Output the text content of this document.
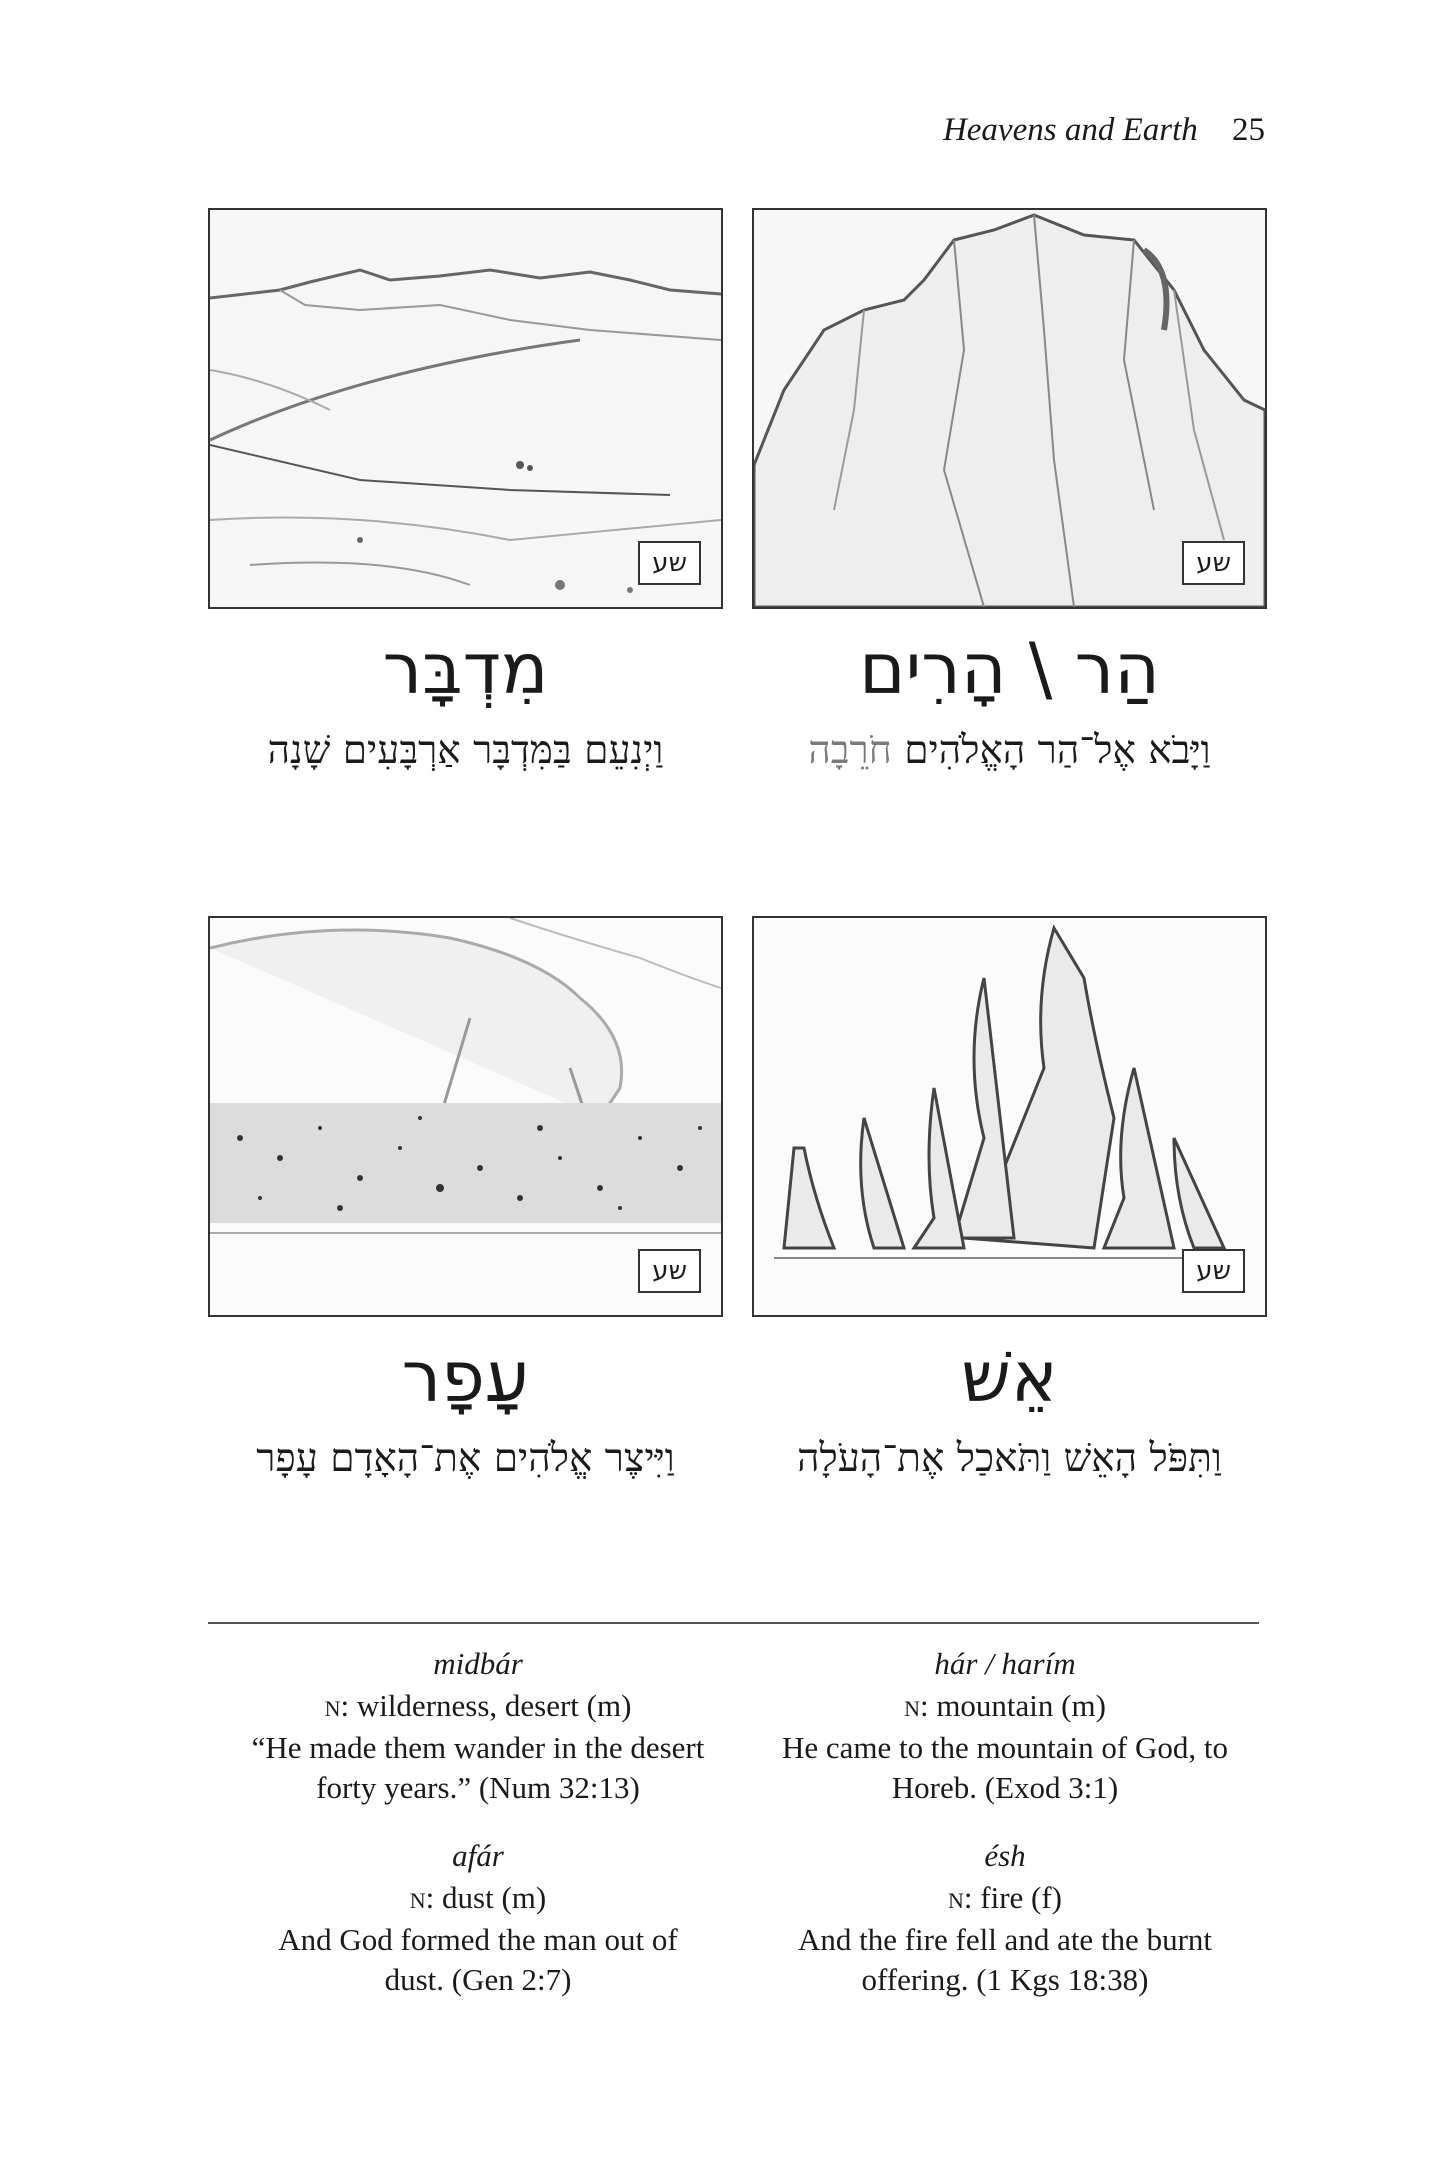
Heavens and Earth 25
שע
מִדְבָּר
וַיְנִעֵם בַּמִּדְבָּר אַרְבָּעִים שָׁנָה
שע
הַר \ הָרִים
וַיָּבֹא אֶל־הַר הָאֱלֹהִים חֹרֵבָה
שע
עָפָר
וַיִּיצֶר אֱלֹהִים אֶת־הָאָדָם עָפָר
שע
אֵשׁ
וַתִּפֹּל הָאֵשׁ וַתֹּאכַל אֶת־הָעֹלָה
midbár
n: wilderness, desert (m)
“He made them wander in the desert
forty years.” (Num 32:13)
hár / harím
n: mountain (m)
He came to the mountain of God, to
Horeb. (Exod 3:1)
afár
n: dust (m)
And God formed the man out of
dust. (Gen 2:7)
ésh
n: fire (f)
And the fire fell and ate the burnt
offering. (1 Kgs 18:38)
